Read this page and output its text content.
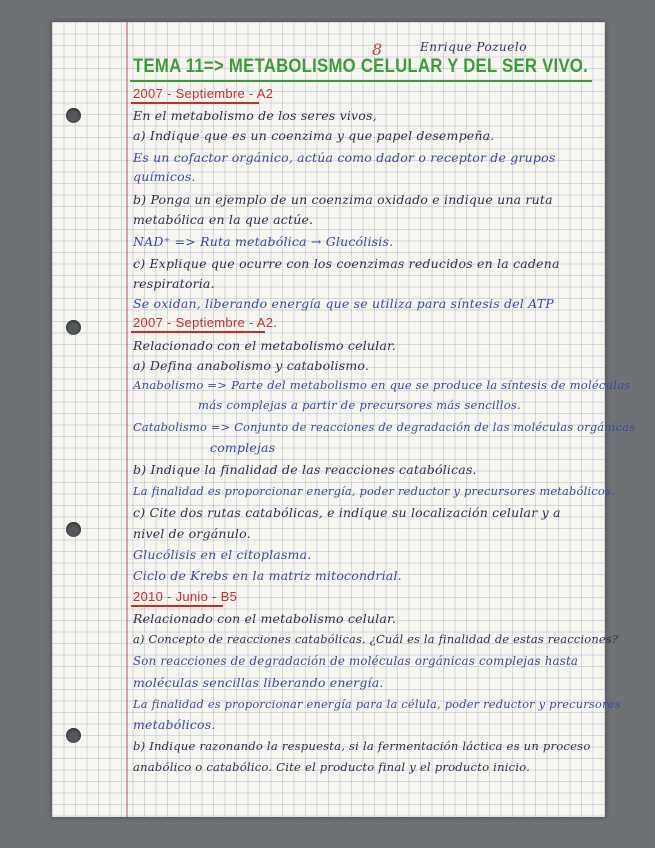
8	Enrique Pozuelo
TEMA 11=> METABOLISMO CELULAR Y DEL SER VIVO.
2007 - Septiembre - A2
En el metabolismo de los seres vivos,
a) Indique que es un coenzima y que papel desempeña.
Es un cofactor orgánico, actúa como dador o receptor de grupos
químicos.
b) Ponga un ejemplo de un coenzima oxidado e indique una ruta
metabólica en la que actúe.
NAD⁺ => Ruta metabólica → Glucólisis.
c) Explique que ocurre con los coenzimas reducidos en la cadena
respiratoria.
Se oxidan, liberando energía que se utiliza para síntesis del ATP
2007 - Septiembre - A2.
Relacionado con el metabolismo celular.
a) Defina anabolismo y catabolismo.
Anabolismo => Parte del metabolismo en que se produce la síntesis de moléculas
más complejas a partir de precursores más sencillos.
Catabolismo => Conjunto de reacciones de degradación de las moléculas orgánicas
complejas
b) Indique la finalidad de las reacciones catabólicas.
La finalidad es proporcionar energía, poder reductor y precursores metabólicos.
c) Cite dos rutas catabólicas, e indique su localización celular y a
nivel de orgánulo.
Glucólisis en el citoplasma.
Ciclo de Krebs en la matriz mitocondrial.
2010 - Junio - B5
Relacionado con el metabolismo celular.
a) Concepto de reacciones catabólicas. ¿Cuál es la finalidad de estas reacciones?
Son reacciones de degradación de moléculas orgánicas complejas hasta
moléculas sencillas liberando energía.
La finalidad es proporcionar energía para la célula, poder reductor y precursores
metabólicos.
b) Indique razonando la respuesta, si la fermentación láctica es un proceso
anabólico o catabólico. Cite el producto final y el producto inicio.
